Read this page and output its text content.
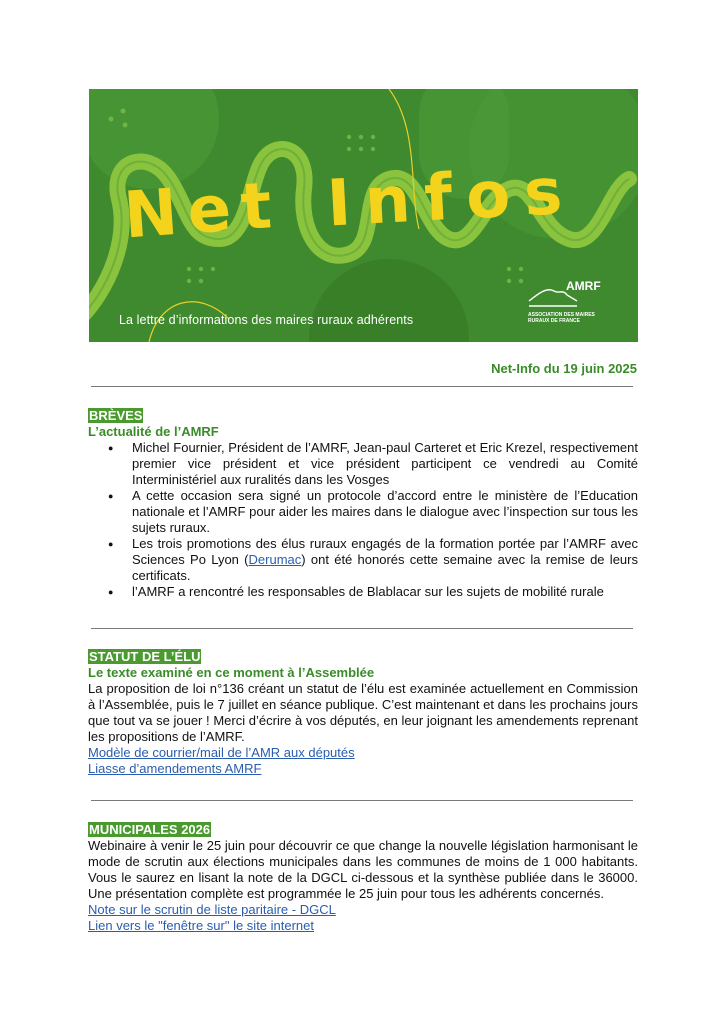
Net Infos
La lettre d’informations des maires ruraux adhérents
AMRF
ASSOCIATION DES MAIRES
RURAUX DE FRANCE
Net-Info du 19 juin 2025
BRÈVES
L’actualité de l’AMRF
● Michel Fournier, Président de l’AMRF, Jean-paul Carteret et Eric Krezel, respectivement premier vice président et vice président participent ce vendredi au Comité Interministériel aux ruralités dans les Vosges
● A cette occasion sera signé un protocole d’accord entre le ministère de l’Education nationale et l’AMRF pour aider les maires dans le dialogue avec l’inspection sur tous les sujets ruraux.
● Les trois promotions des élus ruraux engagés de la formation portée par l’AMRF avec Sciences Po Lyon (Derumac) ont été honorés cette semaine avec la remise de leurs certificats.
● l’AMRF a rencontré les responsables de Blablacar sur les sujets de mobilité rurale
STATUT DE L’ÉLU
Le texte examiné en ce moment à l’Assemblée
La proposition de loi n°136 créant un statut de l’élu est examinée actuellement en Commission à l’Assemblée, puis le 7 juillet en séance publique. C’est maintenant et dans les prochains jours que tout va se jouer ! Merci d’écrire à vos députés, en leur joignant les amendements reprenant les propositions de l’AMRF.
Modèle de courrier/mail de l’AMR aux députés
Liasse d’amendements AMRF
MUNICIPALES 2026
Webinaire à venir le 25 juin pour découvrir ce que change la nouvelle législation harmonisant le mode de scrutin aux élections municipales dans les communes de moins de 1 000 habitants. Vous le saurez en lisant la note de la DGCL ci-dessous et la synthèse publiée dans le 36000. Une présentation complète est programmée le 25 juin pour tous les adhérents concernés.
Note sur le scrutin de liste paritaire - DGCL
Lien vers le "fenêtre sur" le site internet
